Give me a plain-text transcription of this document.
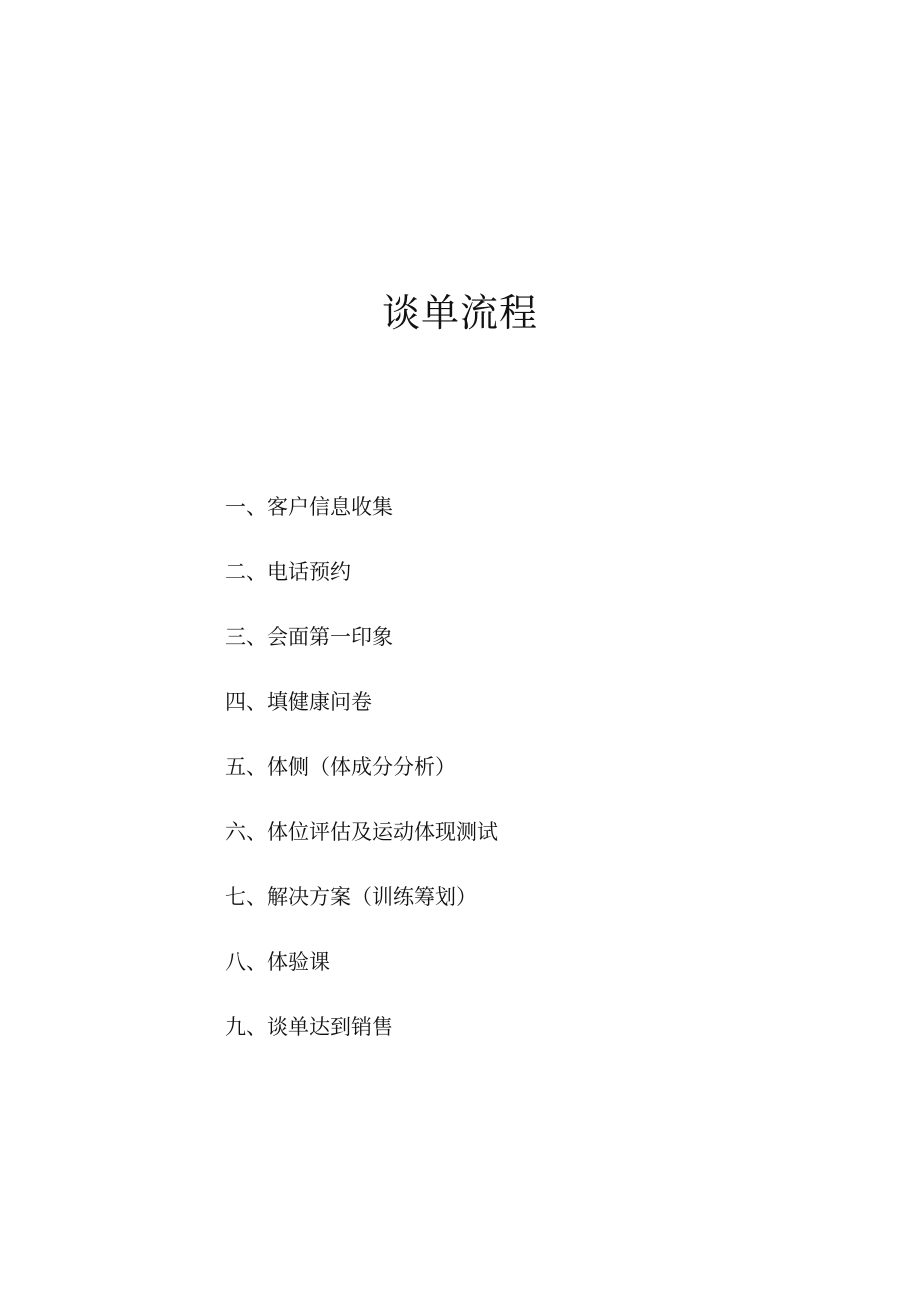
谈单流程
一、客户信息收集
二、电话预约
三、会面第一印象
四、填健康问卷
五、体侧（体成分分析）
六、体位评估及运动体现测试
七、解决方案（训练筹划）
八、体验课
九、谈单达到销售
